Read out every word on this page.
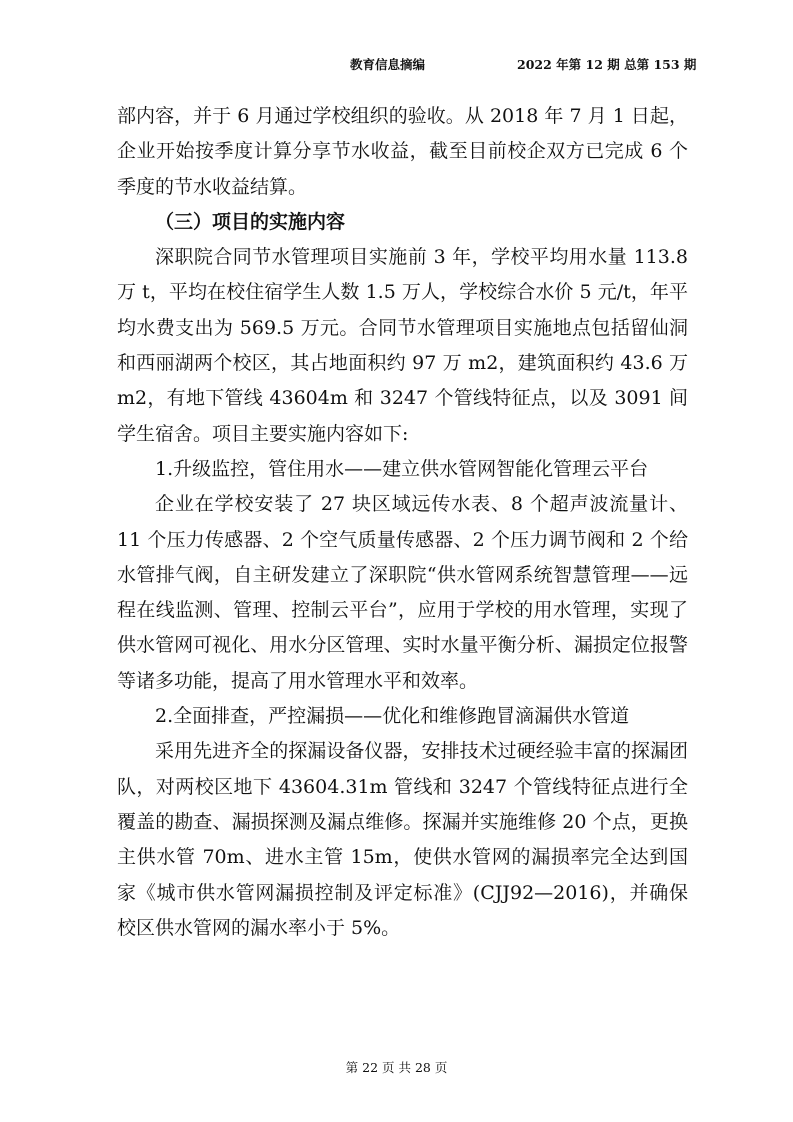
教育信息摘编	2022 年第 12 期 总第 153 期

部内容，并于 6 月通过学校组织的验收。从 2018 年 7 月 1 日起，企业开始按季度计算分享节水收益，截至目前校企双方已完成 6 个季度的节水收益结算。

（三）项目的实施内容

深职院合同节水管理项目实施前 3 年，学校平均用水量 113.8 万 t，平均在校住宿学生人数 1.5 万人，学校综合水价 5 元/t，年平均水费支出为 569.5 万元。合同节水管理项目实施地点包括留仙洞和西丽湖两个校区，其占地面积约 97 万 m2，建筑面积约 43.6 万 m2，有地下管线 43604m 和 3247 个管线特征点，以及 3091 间学生宿舍。项目主要实施内容如下:

1.升级监控，管住用水——建立供水管网智能化管理云平台

企业在学校安装了 27 块区域远传水表、8 个超声波流量计、11 个压力传感器、2 个空气质量传感器、2 个压力调节阀和 2 个给水管排气阀，自主研发建立了深职院“供水管网系统智慧管理——远程在线监测、管理、控制云平台”，应用于学校的用水管理，实现了供水管网可视化、用水分区管理、实时水量平衡分析、漏损定位报警等诸多功能，提高了用水管理水平和效率。

2.全面排查，严控漏损——优化和维修跑冒滴漏供水管道

采用先进齐全的探漏设备仪器，安排技术过硬经验丰富的探漏团队，对两校区地下 43604.31m 管线和 3247 个管线特征点进行全覆盖的勘查、漏损探测及漏点维修。探漏并实施维修 20 个点，更换主供水管 70m、进水主管 15m，使供水管网的漏损率完全达到国家《城市供水管网漏损控制及评定标准》(CJJ92—2016)，并确保校区供水管网的漏水率小于 5%。

第 22 页 共 28 页
